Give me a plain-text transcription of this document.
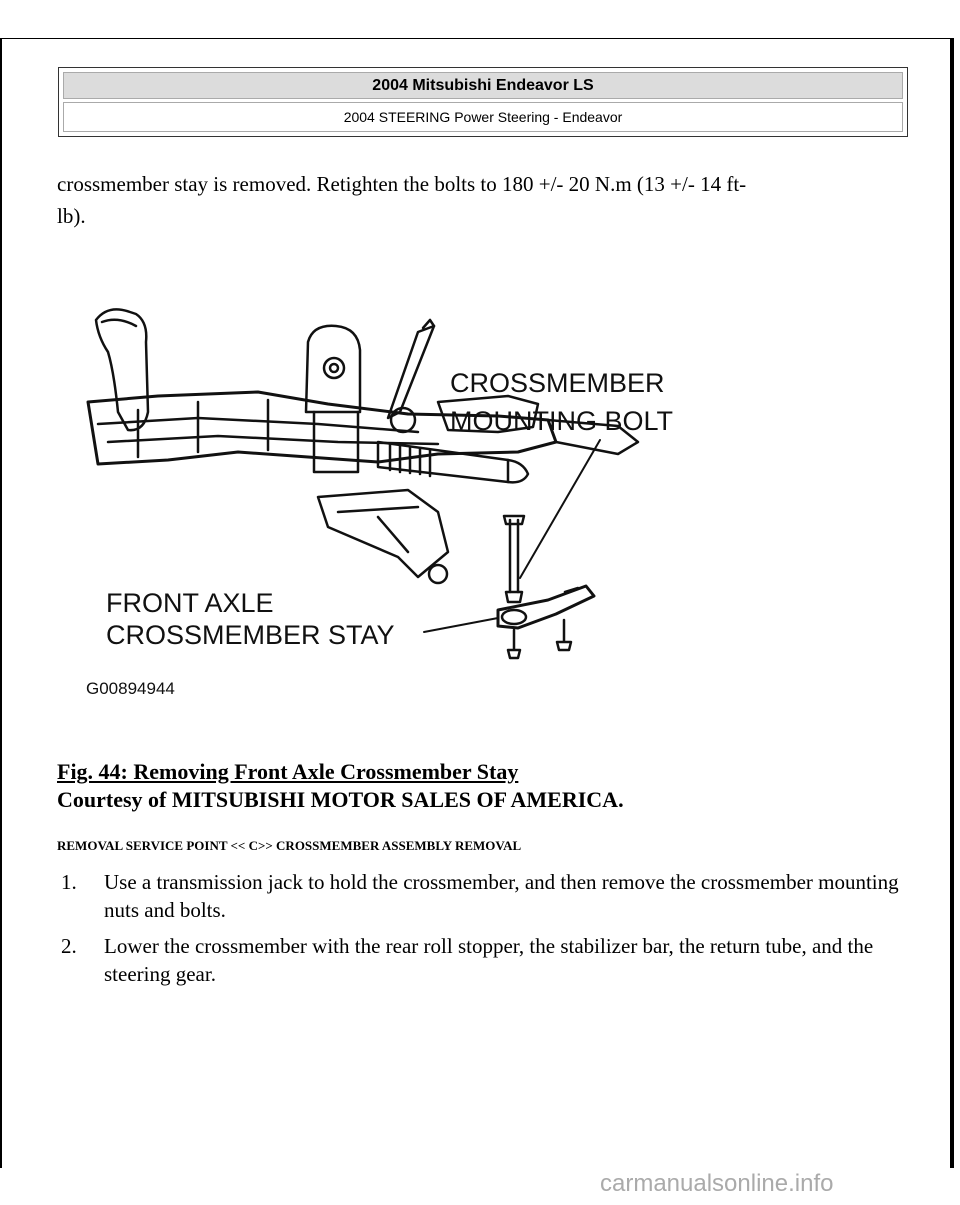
2004 Mitsubishi Endeavor LS
2004 STEERING Power Steering - Endeavor
crossmember stay is removed. Retighten the bolts to 180 +/- 20 N.m (13 +/- 14 ft-
lb).
CROSSMEMBER
MOUNTING BOLT
FRONT AXLE
CROSSMEMBER STAY
G00894944
Fig. 44: Removing Front Axle Crossmember Stay
Courtesy of MITSUBISHI MOTOR SALES OF AMERICA.
REMOVAL SERVICE POINT << C>> CROSSMEMBER ASSEMBLY REMOVAL
1. Use a transmission jack to hold the crossmember, and then remove the crossmember mounting nuts and bolts.
2. Lower the crossmember with the rear roll stopper, the stabilizer bar, the return tube, and the steering gear.
carmanualsonline.info
